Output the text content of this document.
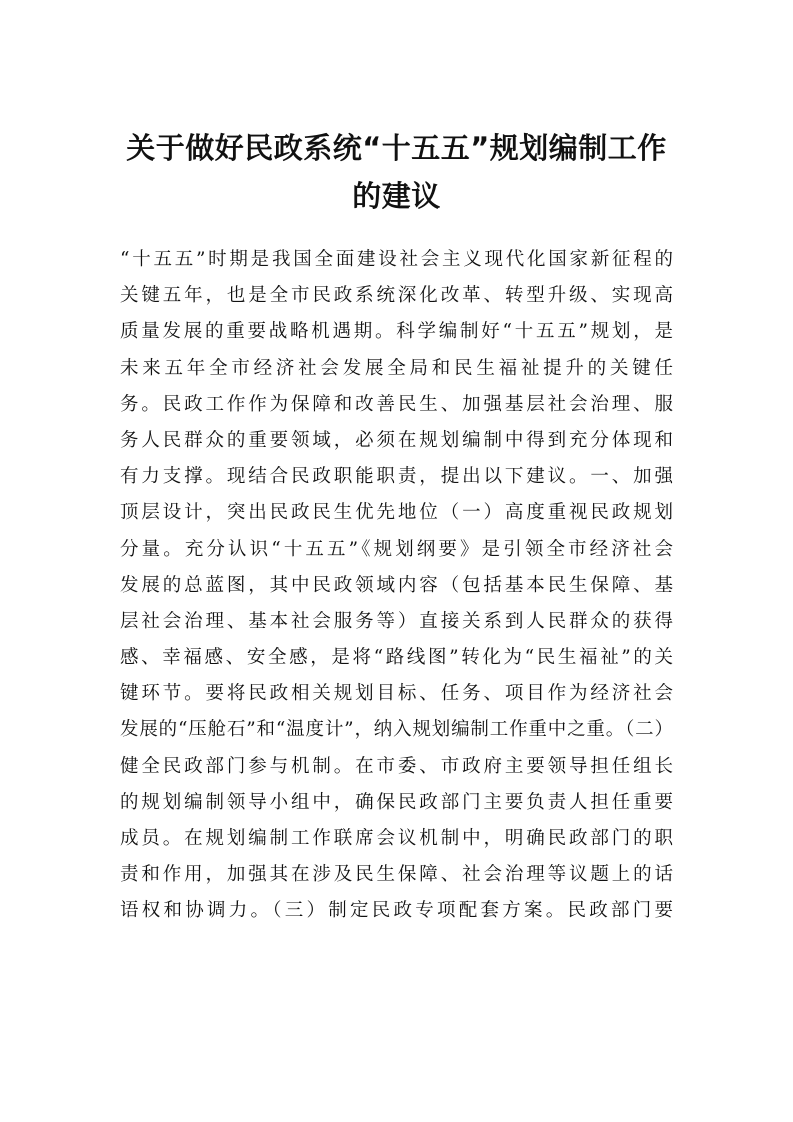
关于做好民政系统“十五五”规划编制工作
的建议
“十五五”时期是我国全面建设社会主义现代化国家新征程的
关键五年，也是全市民政系统深化改革、转型升级、实现高
质量发展的重要战略机遇期。科学编制好“十五五”规划，是
未来五年全市经济社会发展全局和民生福祉提升的关键任
务。民政工作作为保障和改善民生、加强基层社会治理、服
务人民群众的重要领域，必须在规划编制中得到充分体现和
有力支撑。现结合民政职能职责，提出以下建议。一、加强
顶层设计，突出民政民生优先地位（一）高度重视民政规划
分量。充分认识“十五五”《规划纲要》是引领全市经济社会
发展的总蓝图，其中民政领域内容（包括基本民生保障、基
层社会治理、基本社会服务等）直接关系到人民群众的获得
感、幸福感、安全感，是将“路线图”转化为“民生福祉”的关
键环节。要将民政相关规划目标、任务、项目作为经济社会
发展的“压舱石”和“温度计”，纳入规划编制工作重中之重。（二）
健全民政部门参与机制。在市委、市政府主要领导担任组长
的规划编制领导小组中，确保民政部门主要负责人担任重要
成员。在规划编制工作联席会议机制中，明确民政部门的职
责和作用，加强其在涉及民生保障、社会治理等议题上的话
语权和协调力。（三）制定民政专项配套方案。民政部门要
